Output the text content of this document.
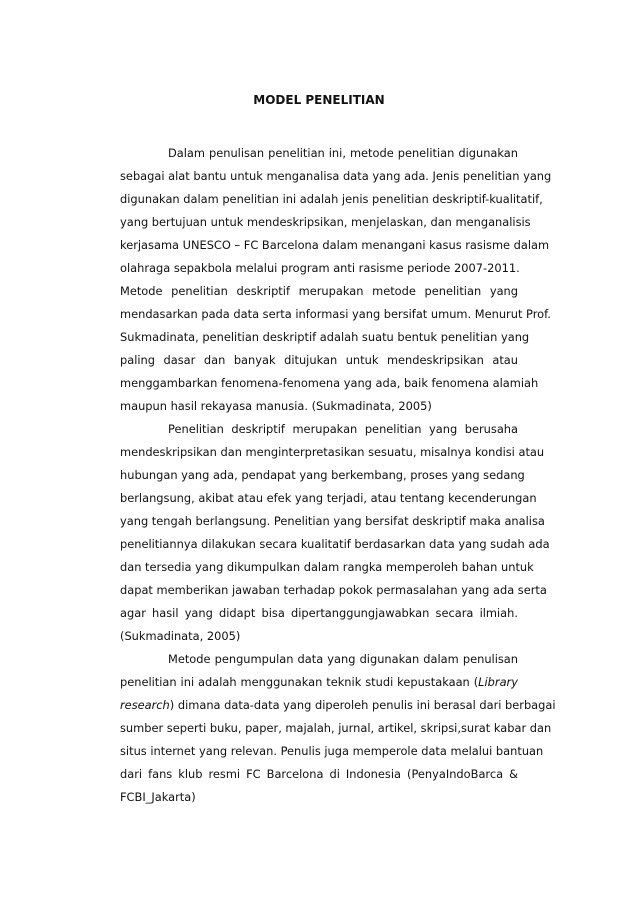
MODEL PENELITIAN
Dalam penulisan penelitian ini, metode penelitian digunakan
sebagai alat bantu untuk menganalisa data yang ada. Jenis penelitian yang
digunakan dalam penelitian ini adalah jenis penelitian deskriptif-kualitatif,
yang bertujuan untuk mendeskripsikan, menjelaskan, dan menganalisis
kerjasama UNESCO – FC Barcelona dalam menangani kasus rasisme dalam
olahraga sepakbola melalui program anti rasisme periode 2007-2011.
Metode penelitian deskriptif merupakan metode penelitian yang
mendasarkan pada data serta informasi yang bersifat umum. Menurut Prof.
Sukmadinata, penelitian deskriptif adalah suatu bentuk penelitian yang
paling dasar dan banyak ditujukan untuk mendeskripsikan atau
menggambarkan fenomena-fenomena yang ada, baik fenomena alamiah
maupun hasil rekayasa manusia. (Sukmadinata, 2005)
Penelitian deskriptif merupakan penelitian yang berusaha
mendeskripsikan dan menginterpretasikan sesuatu, misalnya kondisi atau
hubungan yang ada, pendapat yang berkembang, proses yang sedang
berlangsung, akibat atau efek yang terjadi, atau tentang kecenderungan
yang tengah berlangsung. Penelitian yang bersifat deskriptif maka analisa
penelitiannya dilakukan secara kualitatif berdasarkan data yang sudah ada
dan tersedia yang dikumpulkan dalam rangka memperoleh bahan untuk
dapat memberikan jawaban terhadap pokok permasalahan yang ada serta
agar hasil yang didapt bisa dipertanggungjawabkan secara ilmiah.
(Sukmadinata, 2005)
Metode pengumpulan data yang digunakan dalam penulisan
penelitian ini adalah menggunakan teknik studi kepustakaan (Library
research) dimana data-data yang diperoleh penulis ini berasal dari berbagai
sumber seperti buku, paper, majalah, jurnal, artikel, skripsi,surat kabar dan
situs internet yang relevan. Penulis juga memperole data melalui bantuan
dari fans klub resmi FC Barcelona di Indonesia (PenyaIndoBarca &
FCBI_Jakarta)
